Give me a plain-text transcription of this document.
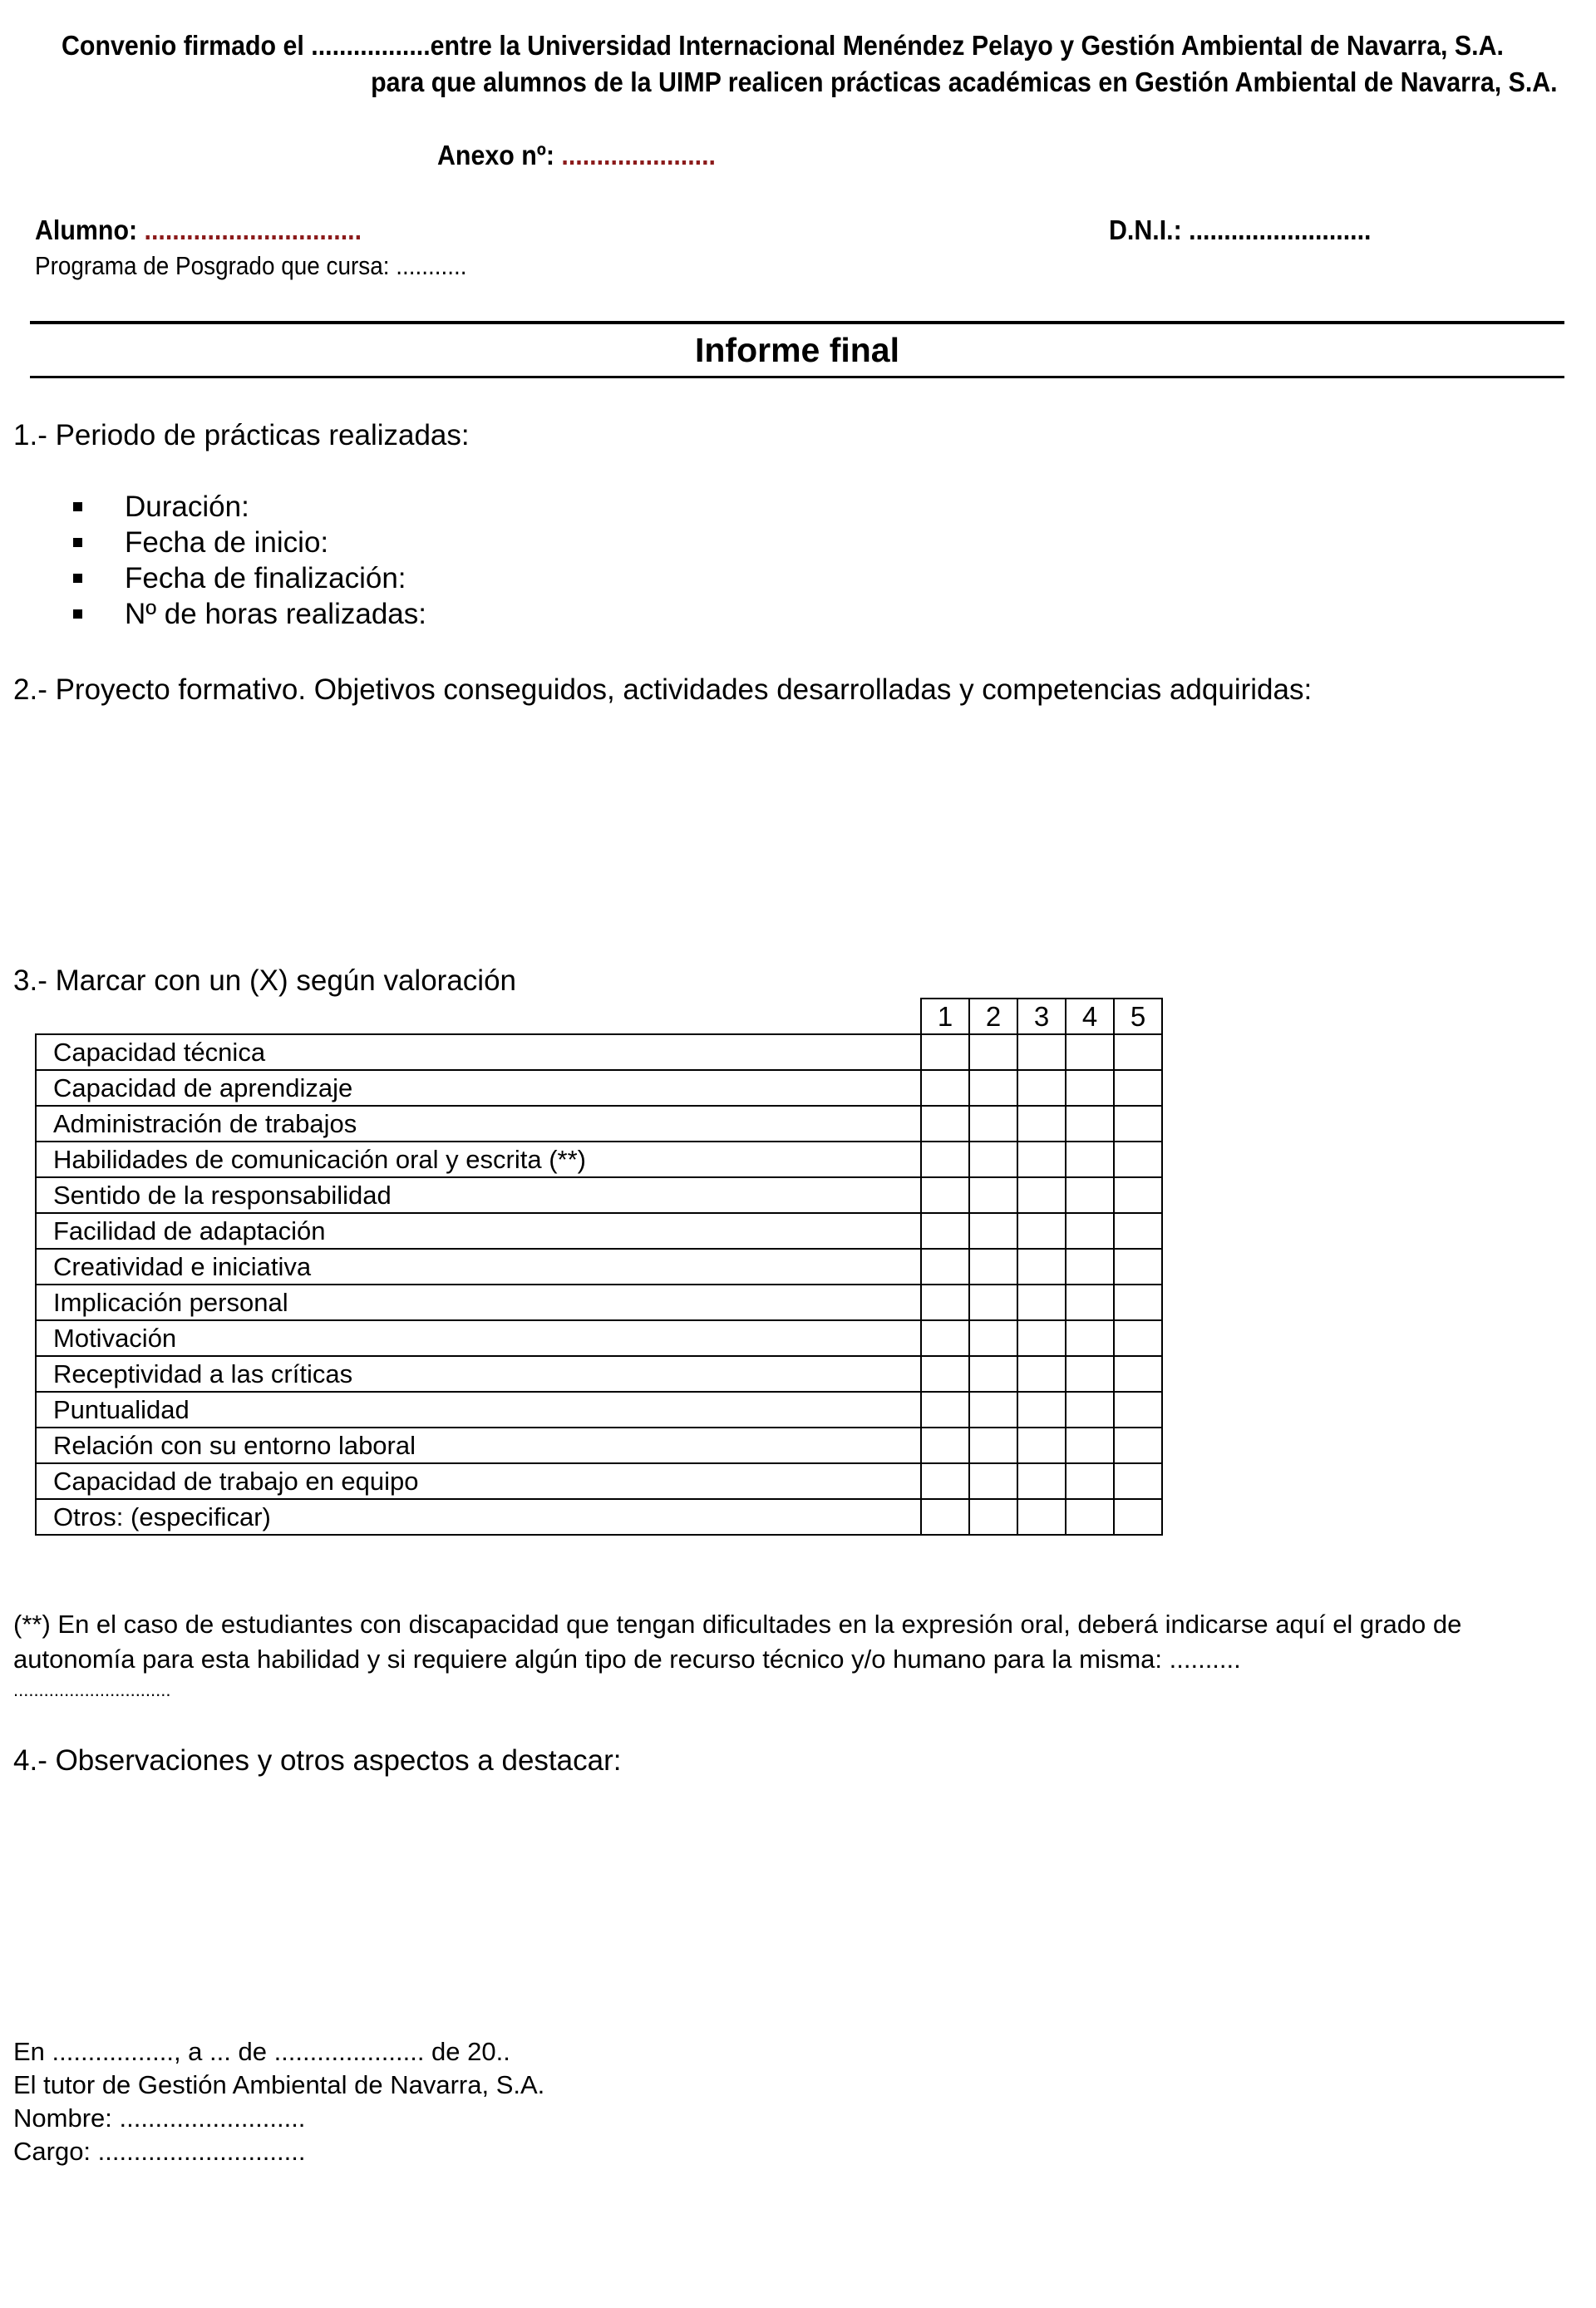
Convenio firmado el .................entre la Universidad Internacional Menéndez Pelayo y Gestión Ambiental de Navarra, S.A.
para que alumnos de la UIMP realicen prácticas académicas en Gestión Ambiental de Navarra, S.A.
Anexo nº: ......................
Alumno: ...............................	D.N.I.: ..........................
Programa de Posgrado que cursa: ...........
Informe final
1.- Periodo de prácticas realizadas:
Duración:
Fecha de inicio:
Fecha de finalización:
Nº de horas realizadas:
2.- Proyecto formativo. Objetivos conseguidos, actividades desarrolladas y competencias adquiridas:
3.- Marcar con un (X) según valoración
	1	2	3	4	5
Capacidad técnica					
Capacidad de aprendizaje					
Administración de trabajos					
Habilidades de comunicación oral y escrita (**)					
Sentido de la responsabilidad					
Facilidad de adaptación					
Creatividad e iniciativa					
Implicación personal					
Motivación					
Receptividad a las críticas					
Puntualidad					
Relación con su entorno laboral					
Capacidad de trabajo en equipo					
Otros: (especificar)					
(**) En el caso de estudiantes con discapacidad que tengan dificultades en la expresión oral, deberá indicarse aquí el grado de autonomía para esta habilidad y si requiere algún tipo de recurso técnico y/o humano para la misma: ..........
...............................
4.- Observaciones y otros aspectos a destacar:
En ................., a ... de ..................... de 20..
El tutor de Gestión Ambiental de Navarra, S.A.
Nombre: ..........................
Cargo: .............................
